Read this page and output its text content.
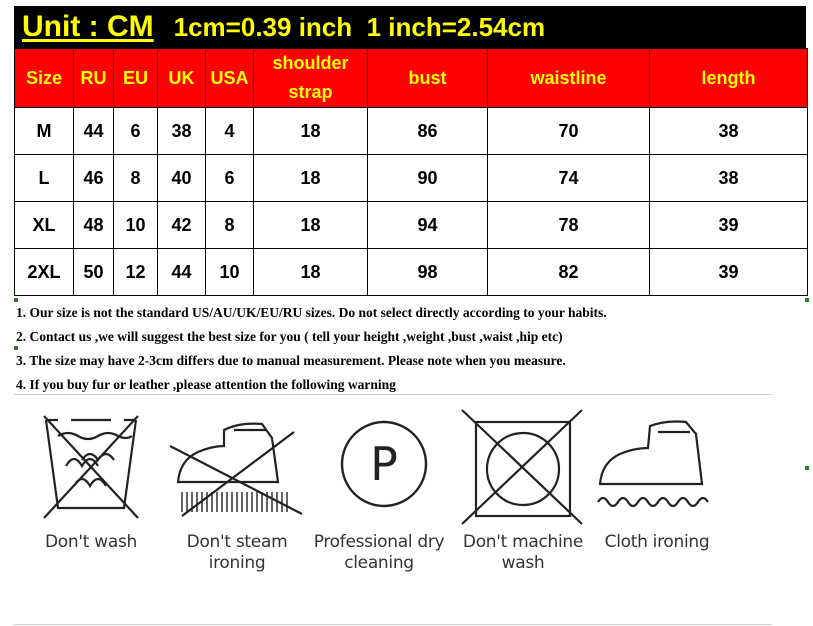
Unit : CM 1cm=0.39 inch  1 inch=2.54cm
Size	RU	EU	UK	USA	shoulder strap	bust	waistline	length
M	44	6	38	4	18	86	70	38
L	46	8	40	6	18	90	74	38
XL	48	10	42	8	18	94	78	39
2XL	50	12	44	10	18	98	82	39
1. Our size is not the standard US/AU/UK/EU/RU sizes. Do not select directly according to your habits.
2. Contact us ,we will suggest the best size for you ( tell your height ,weight ,bust ,waist ,hip etc)
3. The size may have 2-3cm differs due to manual measurement. Please note when you measure.
4. If you buy fur or leather ,please attention the following warning
Don't wash	Don't steam ironing
P
Professional dry cleaning
Don't machine wash
Cloth ironing
